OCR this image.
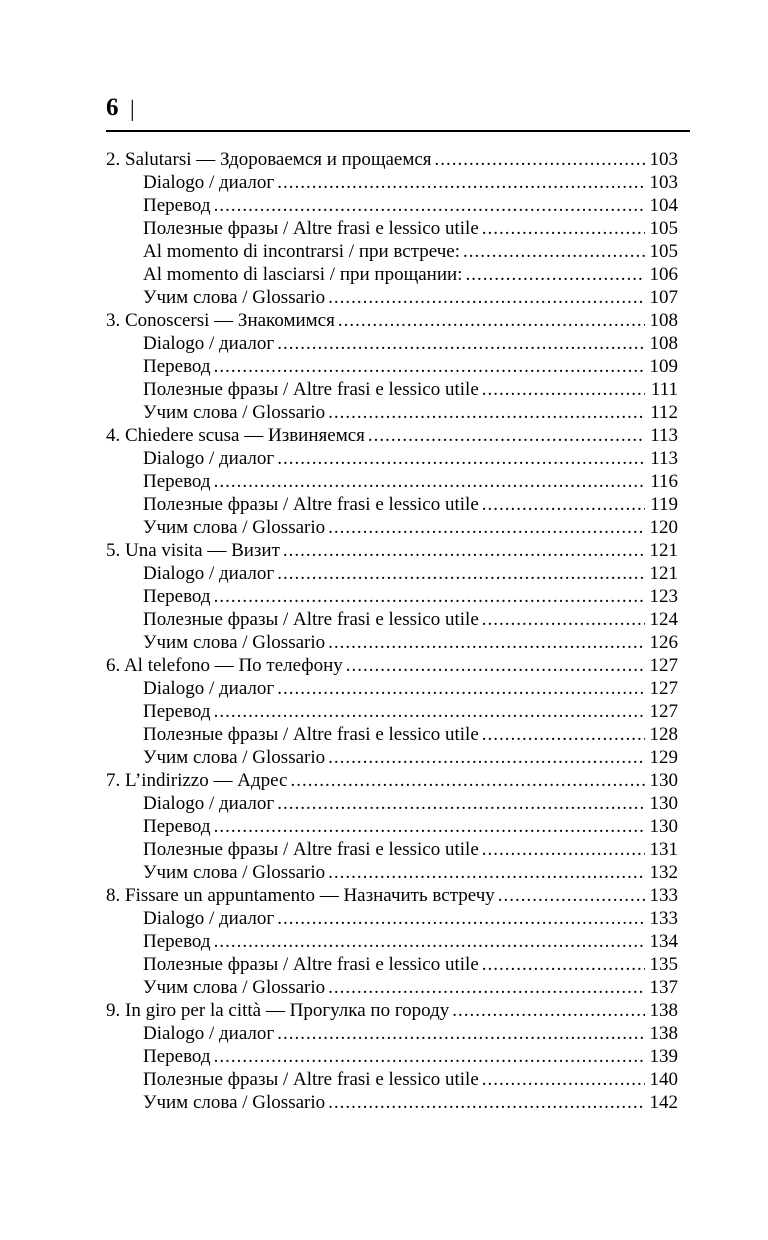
6 |
2. Salutarsi — Здороваемся и прощаемся .....	103
Dialogo / диалог .....	103
Перевод .....	104
Полезные фразы / Altre frasi e lessico utile .....	105
Al momento di incontrarsi / при встрече: .....	105
Al momento di lasciarsi / при прощании: .....	106
Учим слова / Glossario .....	107
3. Conoscersi — Знакомимся .....	108
Dialogo / диалог .....	108
Перевод .....	109
Полезные фразы / Altre frasi e lessico utile .....	111
Учим слова / Glossario .....	112
4. Chiedere scusa — Извиняемся .....	113
Dialogo / диалог .....	113
Перевод .....	116
Полезные фразы / Altre frasi e lessico utile .....	119
Учим слова / Glossario .....	120
5. Una visita — Визит .....	121
Dialogo / диалог .....	121
Перевод .....	123
Полезные фразы / Altre frasi e lessico utile .....	124
Учим слова / Glossario .....	126
6. Al telefono — По телефону .....	127
Dialogo / диалог .....	127
Перевод .....	127
Полезные фразы / Altre frasi e lessico utile .....	128
Учим слова / Glossario .....	129
7. L’indirizzo — Адрес .....	130
Dialogo / диалог .....	130
Перевод .....	130
Полезные фразы / Altre frasi e lessico utile .....	131
Учим слова / Glossario .....	132
8. Fissare un appuntamento — Назначить встречу .....	133
Dialogo / диалог .....	133
Перевод .....	134
Полезные фразы / Altre frasi e lessico utile .....	135
Учим слова / Glossario .....	137
9. In giro per la città — Прогулка по городу .....	138
Dialogo / диалог .....	138
Перевод .....	139
Полезные фразы / Altre frasi e lessico utile .....	140
Учим слова / Glossario .....	142
